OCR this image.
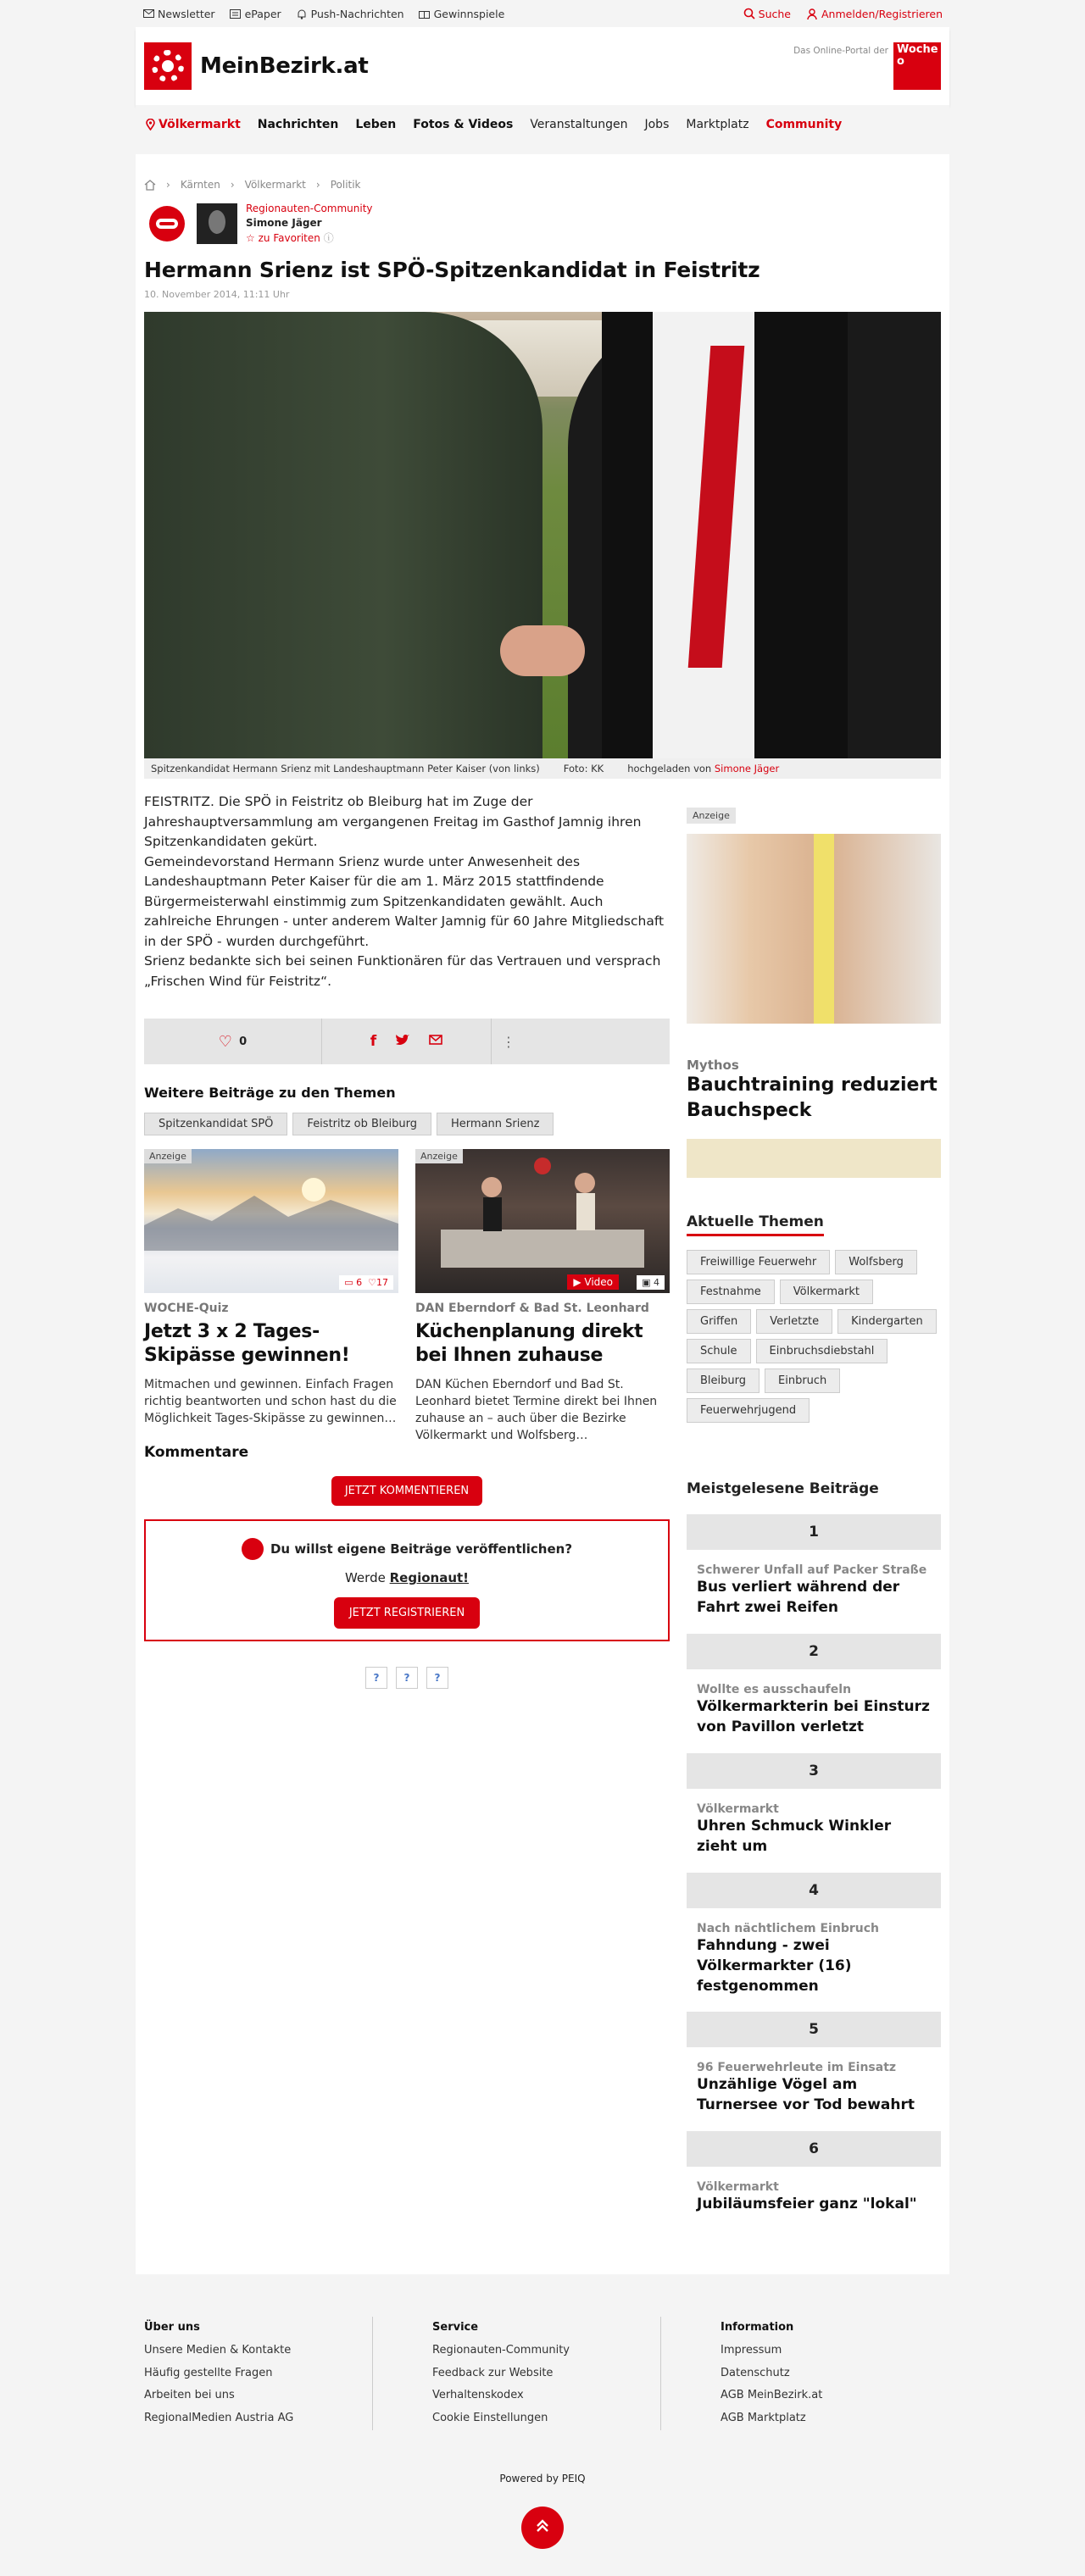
Newsletter	ePaper	Push-Nachrichten	Gewinnspiele	Suche	Anmelden/Registrieren
MeinBezirk.at
Das Online-Portal der Woche
o
Völkermarkt Nachrichten Leben Fotos & Videos Veranstaltungen Jobs Marktplatz Community
› Kärnten › Völkermarkt › Politik
Regionauten-Community
Simone Jäger
☆ zu Favoriten ⓘ
Hermann Srienz ist SPÖ-Spitzenkandidat in Feistritz
10. November 2014, 11:11 Uhr
Spitzenkandidat Hermann Srienz mit Landeshauptmann Peter Kaiser (von links) Foto: KK hochgeladen von Simone Jäger

FEISTRITZ. Die SPÖ in Feistritz ob Bleiburg hat im Zuge der Jahreshauptversammlung am vergangenen Freitag im Gasthof Jamnig ihren Spitzenkandidaten gekürt.

Gemeindevorstand Hermann Srienz wurde unter Anwesenheit des Landeshauptmann Peter Kaiser für die am 1. März 2015 stattfindende Bürgermeisterwahl einstimmig zum Spitzenkandidaten gewählt. Auch zahlreiche Ehrungen - unter anderem Walter Jamnig für 60 Jahre Mitgliedschaft in der SPÖ - wurden durchgeführt.

Srienz bedankte sich bei seinen Funktionären für das Vertrauen und versprach „Frischen Wind für Feistritz“.

♡
0	f	⋮
Weitere Beiträge zu den Themen
Spitzenkandidat SPÖ	Feistritz ob Bleiburg	Hermann Srienz
Anzeige
▭ 6 ♡17
WOCHE-Quiz
Jetzt 3 x 2 Tages-Skipässe gewinnen!
Mitmachen und gewinnen. Einfach Fragen richtig beantworten und schon hast du die Möglichkeit Tages-Skipässe zu gewinnen…
Anzeige
▶ Video	▣ 4
DAN Eberndorf & Bad St. Leonhard
Küchenplanung direkt bei Ihnen zuhause
DAN Küchen Eberndorf und Bad St. Leonhard bietet Termine direkt bei Ihnen zuhause an – auch über die Bezirke Völkermarkt und Wolfsberg…
Kommentare
JETZT KOMMENTIEREN
Du willst eigene Beiträge veröffentlichen?
Werde Regionaut!
JETZT REGISTRIEREN
?	?	?
Anzeige
Mythos
Bauchtraining reduziert Bauchspeck
Aktuelle Themen
Freiwillige Feuerwehr	Wolfsberg
Festnahme	Völkermarkt
Griffen	Verletzte	Kindergarten
Schule	Einbruchsdiebstahl
Bleiburg	Einbruch
Feuerwehrjugend
Meistgelesene Beiträge
1
Schwerer Unfall auf Packer Straße
Bus verliert während der Fahrt zwei Reifen
2
Wollte es ausschaufeln
Völkermarkterin bei Einsturz von Pavillon verletzt
3
Völkermarkt
Uhren Schmuck Winkler zieht um
4
Nach nächtlichem Einbruch
Fahndung - zwei Völkermarkter (16) festgenommen
5
96 Feuerwehrleute im Einsatz
Unzählige Vögel am Turnersee vor Tod bewahrt
6
Völkermarkt
Jubiläumsfeier ganz "lokal"
Über uns
Unsere Medien & Kontakte
Häufig gestellte Fragen
Arbeiten bei uns
RegionalMedien Austria AG
Service
Regionauten-Community
Feedback zur Website
Verhaltenskodex
Cookie Einstellungen
Information
Impressum
Datenschutz
AGB MeinBezirk.at
AGB Marktplatz
Powered by PEIQ
